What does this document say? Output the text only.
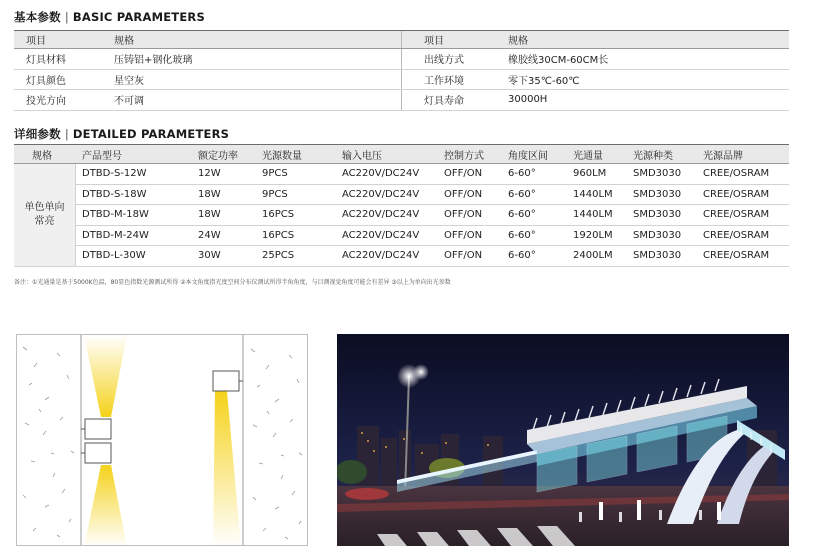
基本参数 | BASIC PARAMETERS
项目	规格	项目	规格
灯具材料	压铸铝+钢化玻璃	出线方式	橡胶线30CM-60CM长
灯具颜色	星空灰	工作环境	零下35℃-60℃
投光方向	不可调	灯具寿命	30000H
详细参数 | DETAILED PARAMETERS
规格	产品型号	额定功率	光源数量	输入电压	控制方式	角度区间	光通量	光源种类	光源品牌
单色单向
常亮
DTBD-S-12W	12W	9PCS	AC220V/DC24V	OFF/ON	6-60°	960LM	SMD3030	CREE/OSRAM
DTBD-S-18W	18W	9PCS	AC220V/DC24V	OFF/ON	6-60°	1440LM	SMD3030	CREE/OSRAM
DTBD-M-18W	18W	16PCS	AC220V/DC24V	OFF/ON	6-60°	1440LM	SMD3030	CREE/OSRAM
DTBD-M-24W	24W	16PCS	AC220V/DC24V	OFF/ON	6-60°	1920LM	SMD3030	CREE/OSRAM
DTBD-L-30W	30W	25PCS	AC220V/DC24V	OFF/ON	6-60°	2400LM	SMD3030	CREE/OSRAM
备注：①光通量是基于5000K色温，80显色指数光源测试所得 ②本文角度指光度空间分布仪测试所得半角角度，与目测视觉角度可能会有差异 ③以上为单向出光参数
